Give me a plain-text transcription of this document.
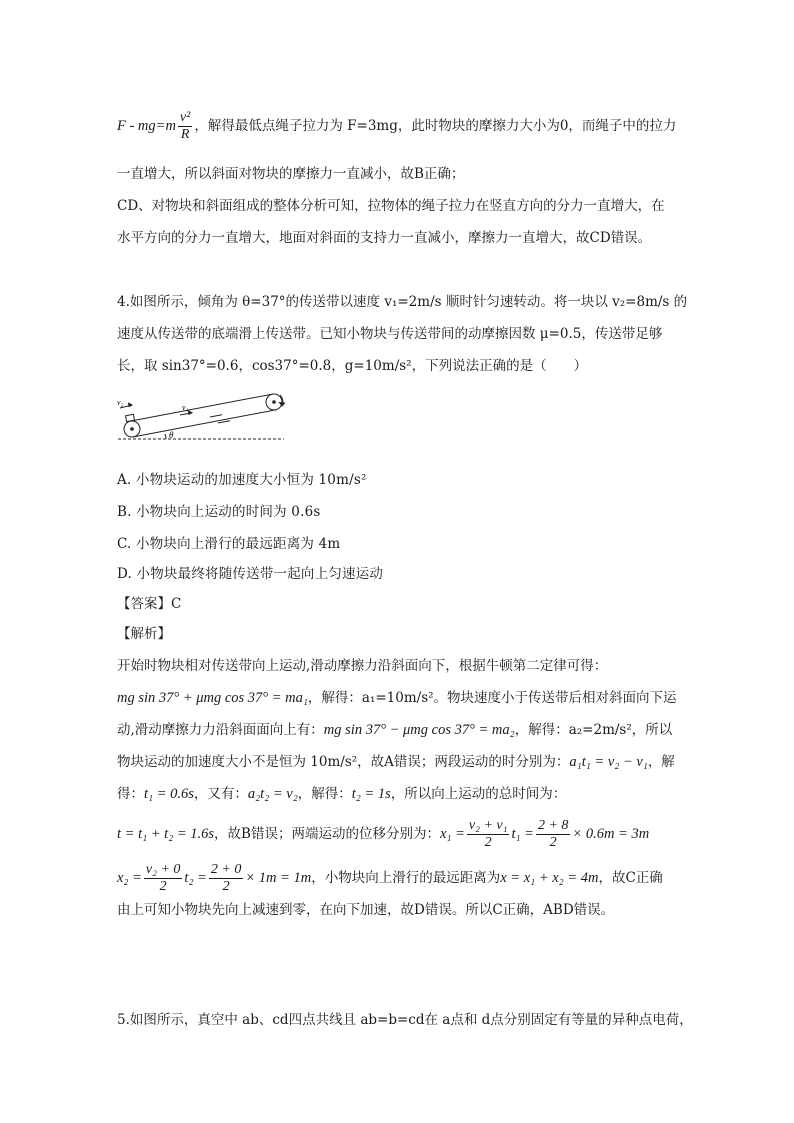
$F - mg=m \frac{\text{v²}}{R}$ ，解得最低点绳子拉力为 F=3mg，此时物块的摩擦力大小为0，而绳子中的拉力
一直增大，所以斜面对物块的摩擦力一直减小，故B正确；
CD、对物块和斜面组成的整体分析可知，拉物体的绳子拉力在竖直方向的分力一直增大，在
水平方向的分力一直增大，地面对斜面的支持力一直减小，摩擦力一直增大，故CD错误。
4.如图所示，倾角为 θ=37°的传送带以速度 v₁=2m/s 顺时针匀速转动。将一块以 v₂=8m/s 的
速度从传送带的底端滑上传送带。已知小物块与传送带间的动摩擦因数 μ=0.5，传送带足够
长，取 sin37°=0.6，cos37°=0.8，g=10m/s²，下列说法正确的是（　　）
v₂
v₁
θ
A. 小物块运动的加速度大小恒为 10m/s²
B. 小物块向上运动的时间为 0.6s
C. 小物块向上滑行的最远距离为 4m
D. 小物块最终将随传送带一起向上匀速运动
【答案】C
【解析】
开始时物块相对传送带向上运动,滑动摩擦力沿斜面向下，根据牛顿第二定律可得：
mg sin 37° + μmg cos 37° = ma₁，解得：a₁=10m/s²。物块速度小于传送带后相对斜面向下运
动,滑动摩擦力力沿斜面面向上有：mg sin 37° − μmg cos 37° = ma₂，解得：a₂=2m/s²，所以
物块运动的加速度大小不是恒为 10m/s²，故A错误；两段运动的时分别为：a₁t₁ = v₂ − v₁，解
得：t₁ = 0.6s，又有：a₂t₂ = v₂，解得：t₂ = 1s，所以向上运动的总时间为：
t = t₁ + t₂ = 1.6s，故B错误；两端运动的位移分别为：$x_1 = \frac{\text{v₂ + v₁}}{2} t_1 = \frac{2 + 8}{2} \times 0.6m = 3m$
$x_2 = \frac{\text{v₂ + 0}}{2} t_2 = \frac{2 + 0}{2} \times 1m = 1m$，小物块向上滑行的最远距离为x = x₁ + x₂ = 4m，故C正确
由上可知小物块先向上减速到零，在向下加速，故D错误。所以C正确，ABD错误。
5.如图所示，真空中 ab、cd四点共线且 ab=b=cd在 a点和 d点分别固定有等量的异种点电荷，
